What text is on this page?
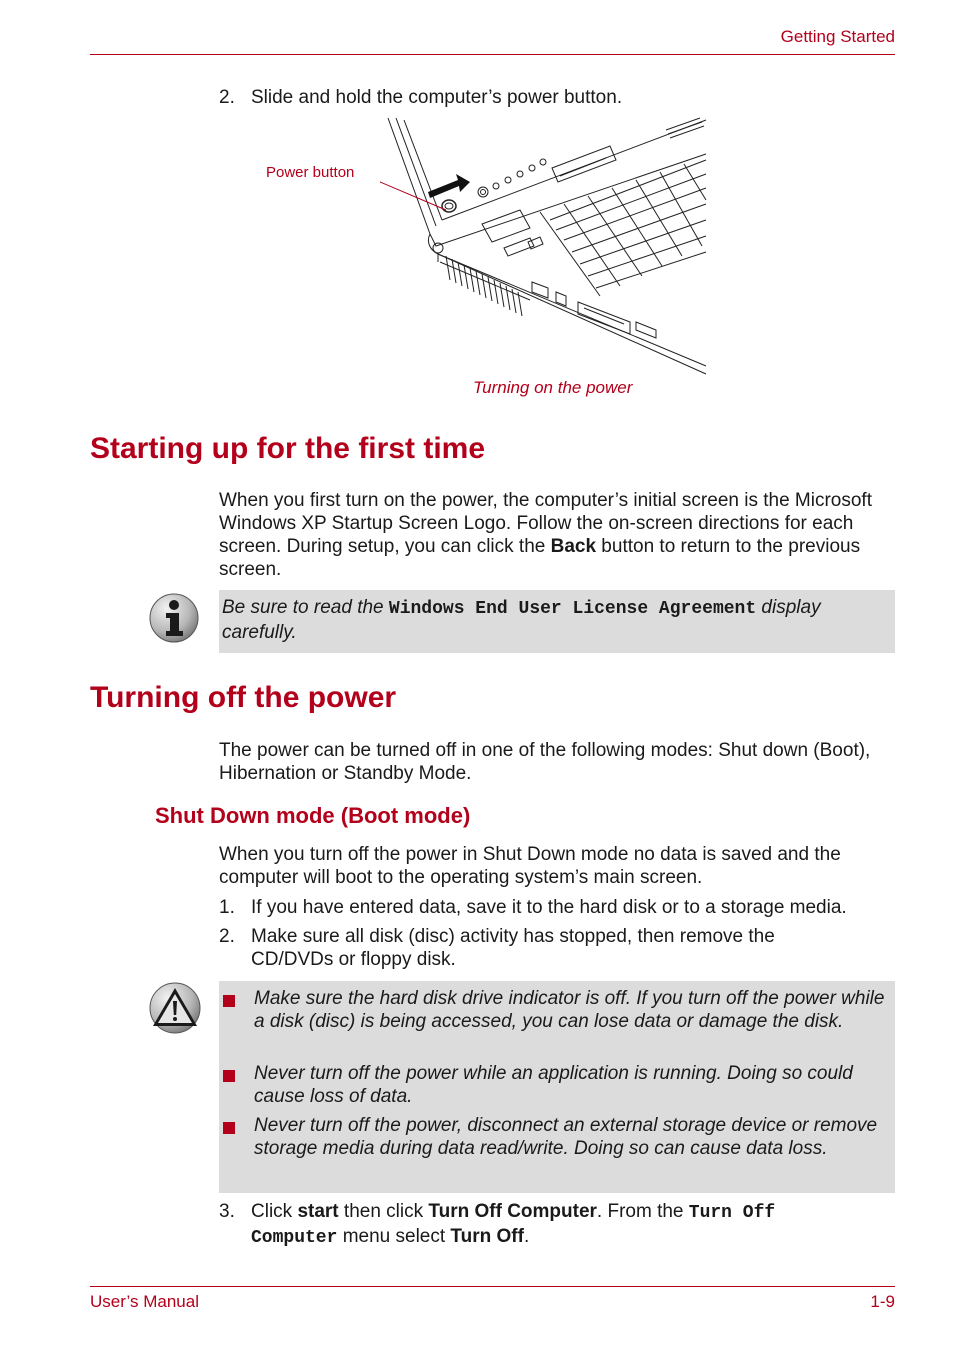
Getting Started
2. Slide and hold the computer’s power button.
Power button
Turning on the power
Starting up for the first time
When you first turn on the power, the computer’s initial screen is the Microsoft Windows XP Startup Screen Logo. Follow the on-screen directions for each screen. During setup, you can click the Back button to return to the previous screen.
Be sure to read the Windows End User License Agreement display carefully.
Turning off the power
The power can be turned off in one of the following modes: Shut down (Boot), Hibernation or Standby Mode.
Shut Down mode (Boot mode)
When you turn off the power in Shut Down mode no data is saved and the computer will boot to the operating system’s main screen.
1. If you have entered data, save it to the hard disk or to a storage media.
2. Make sure all disk (disc) activity has stopped, then remove the CD/DVDs or floppy disk.
Make sure the hard disk drive indicator is off. If you turn off the power while a disk (disc) is being accessed, you can lose data or damage the disk.
Never turn off the power while an application is running. Doing so could cause loss of data.
Never turn off the power, disconnect an external storage device or remove storage media during data read/write. Doing so can cause data loss.
3. Click start then click Turn Off Computer. From the Turn Off Computer menu select Turn Off.
User’s Manual	1-9
